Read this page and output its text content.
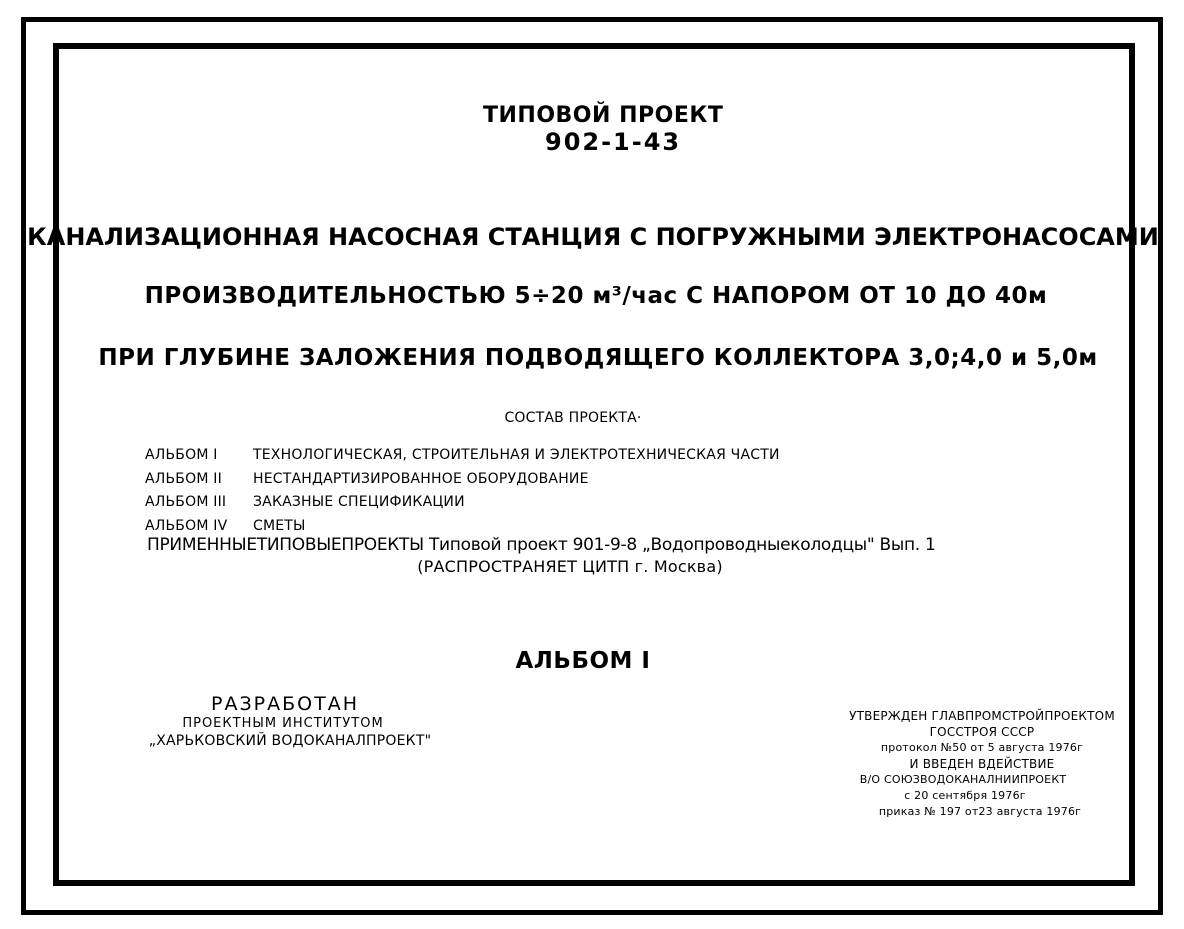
ТИПОВОЙ ПРОЕКТ
902-1-43
КАНАЛИЗАЦИОННАЯ НАСОСНАЯ СТАНЦИЯ С ПОГРУЖНЫМИ ЭЛЕКТРОНАСОСАМИ
ПРОИЗВОДИТЕЛЬНОСТЬЮ 5÷20 м³/час С НАПОРОМ ОТ 10 ДО 40м
ПРИ ГЛУБИНЕ ЗАЛОЖЕНИЯ ПОДВОДЯЩЕГО КОЛЛЕКТОРА 3,0;4,0 и 5,0м
СОСТАВ ПРОЕКТА·
АЛЬБОМ I	ТЕХНОЛОГИЧЕСКАЯ, СТРОИТЕЛЬНАЯ И ЭЛЕКТРОТЕХНИЧЕСКАЯ ЧАСТИ
АЛЬБОМ II НЕСТАНДАРТИЗИРОВАННОЕ ОБОРУДОВАНИЕ
АЛЬБОМ III ЗАКАЗНЫЕ СПЕЦИФИКАЦИИ
АЛЬБОМ IV СМЕТЫ
ПРИМЕННЫЕТИПОВЫЕПРОЕКТЫ Типовой проект 901-9-8 „Водопроводныеколодцы" Вып. 1
(РАСПРОСТРАНЯЕТ ЦИТП г. Москва)
АЛЬБОМ I
РАЗРАБОТАН
ПРОЕКТНЫМ ИНСТИТУТОМ
„ХАРЬКОВСКИЙ ВОДОКАНАЛПРОЕКТ"
УТВЕРЖДЕН ГЛАВПРОМСТРОЙПРОЕКТОМ
ГОССТРОЯ СССР
протокол №50 от 5 августа 1976г
И ВВЕДЕН ВДЕЙСТВИЕ
В/О СОЮЗВОДОКАНАЛНИИПРОЕКТ
с 20 сентября 1976г
приказ № 197 от23 августа 1976г
